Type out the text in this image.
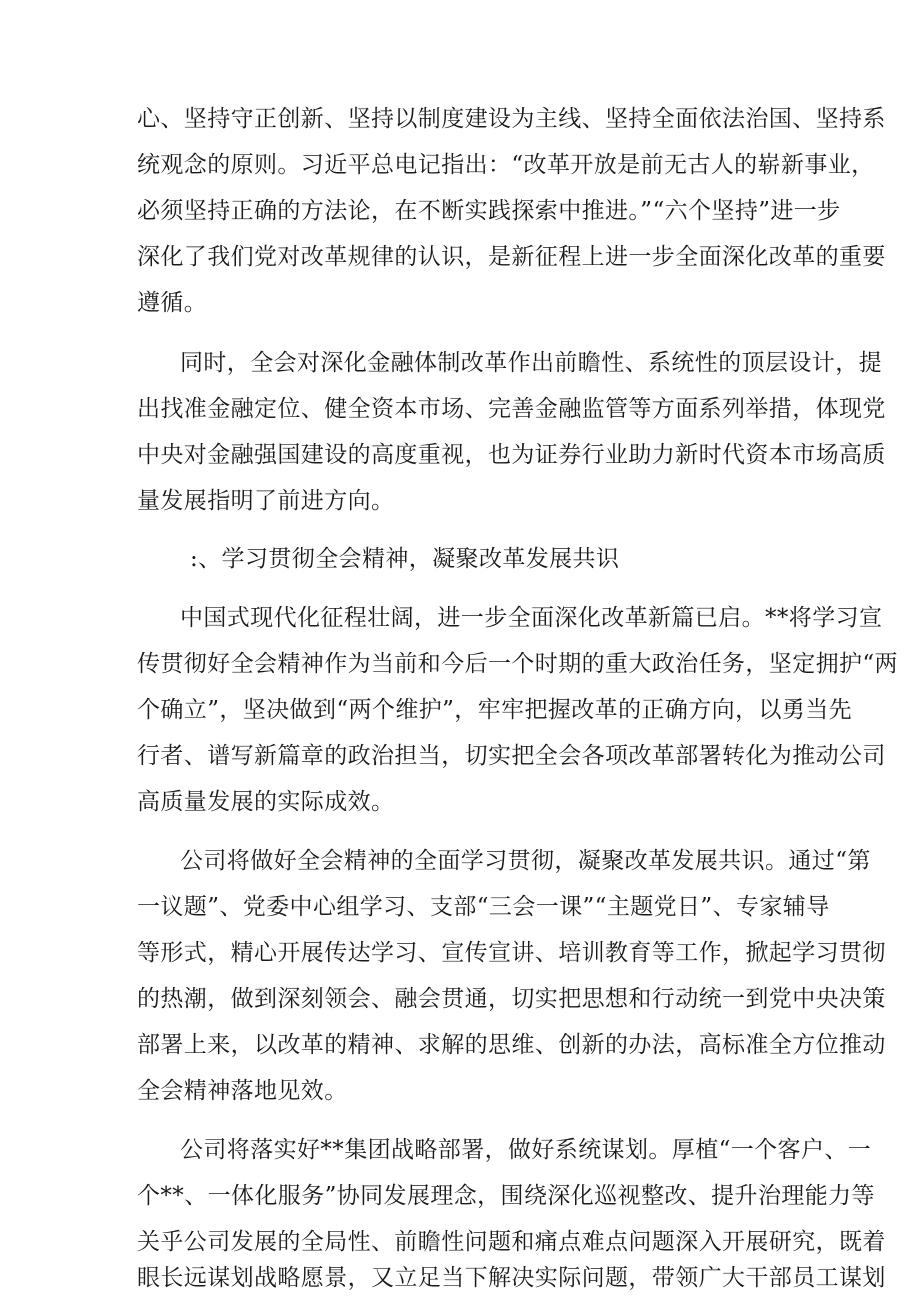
心、坚持守正创新、坚持以制度建设为主线、坚持全面依法治国、坚持系
统观念的原则。习近平总电记指出：“改革开放是前无古人的崭新事业，
必须坚持正确的方法论，在不断实践探索中推进。”“六个坚持”进一步
深化了我们党对改革规律的认识，是新征程上进一步全面深化改革的重要
遵循。
同时，全会对深化金融体制改革作出前瞻性、系统性的顶层设计，提
出找准金融定位、健全资本市场、完善金融监管等方面系列举措，体现党
中央对金融强国建设的高度重视，也为证券行业助力新时代资本市场高质
量发展指明了前进方向。
:、学习贯彻全会精神，凝聚改革发展共识
中国式现代化征程壮阔，进一步全面深化改革新篇已启。**将学习宣
传贯彻好全会精神作为当前和今后一个时期的重大政治任务，坚定拥护“两
个确立”，坚决做到“两个维护”，牢牢把握改革的正确方向，以勇当先
行者、谱写新篇章的政治担当，切实把全会各项改革部署转化为推动公司
高质量发展的实际成效。
公司将做好全会精神的全面学习贯彻，凝聚改革发展共识。通过“第
一议题”、党委中心组学习、支部“三会一课”“主题党日”、专家辅导
等形式，精心开展传达学习、宣传宣讲、培训教育等工作，掀起学习贯彻
的热潮，做到深刻领会、融会贯通，切实把思想和行动统一到党中央决策
部署上来，以改革的精神、求解的思维、创新的办法，高标准全方位推动
全会精神落地见效。
公司将落实好**集团战略部署，做好系统谋划。厚植“一个客户、一
个**、一体化服务”协同发展理念，围绕深化巡视整改、提升治理能力等
关乎公司发展的全局性、前瞻性问题和痛点难点问题深入开展研究，既着
眼长远谋划战略愿景，又立足当下解决实际问题，带领广大干部员工谋划
